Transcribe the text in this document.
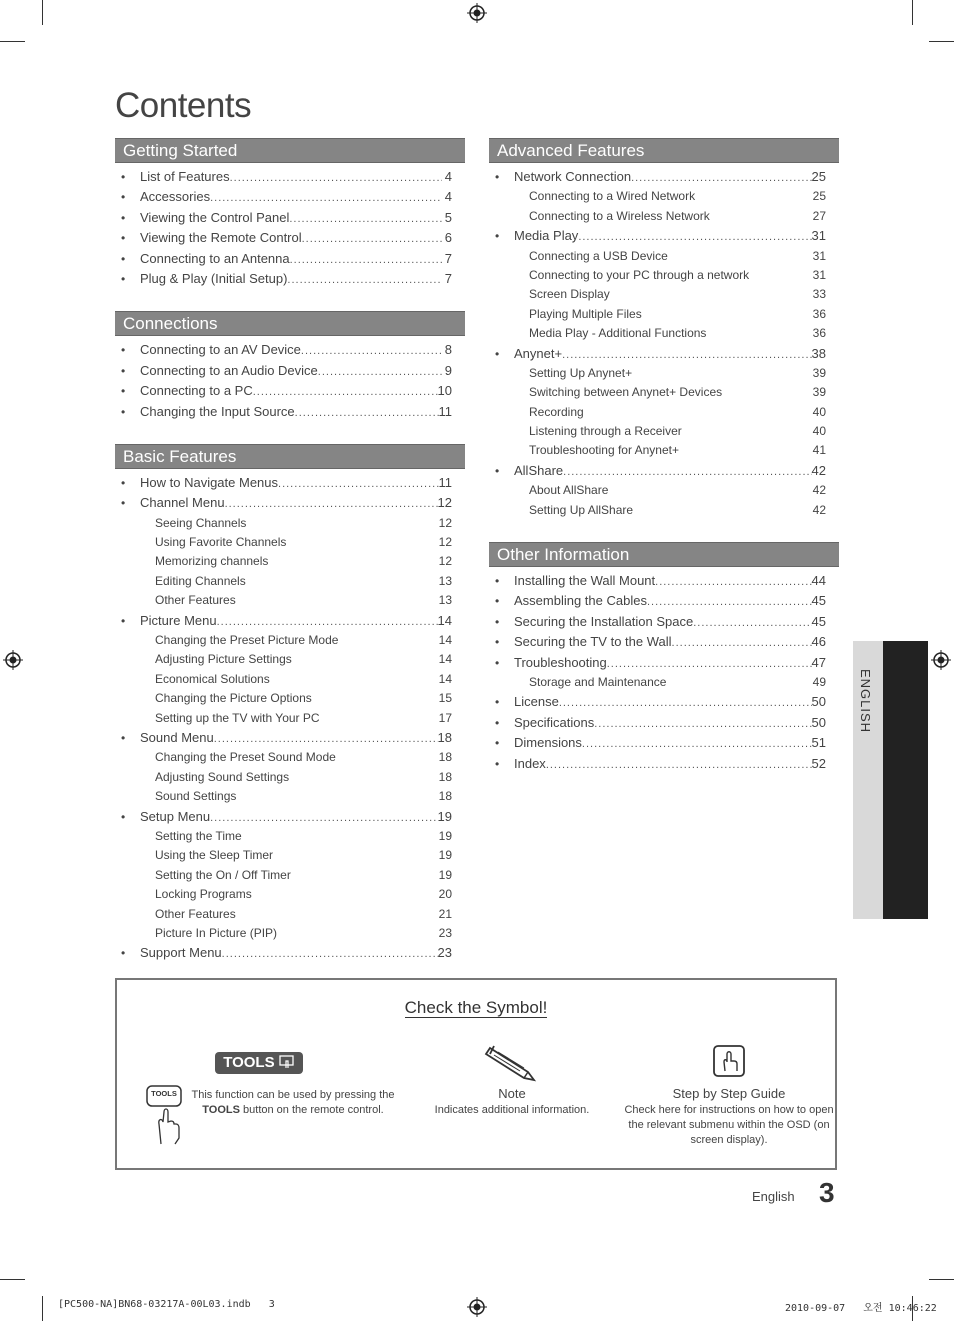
Contents
Getting Started
•	List of Features .....	4
•	Accessories .....	4
•	Viewing the Control Panel .....	5
•	Viewing the Remote Control .....	6
•	Connecting to an Antenna .....	7
•	Plug & Play (Initial Setup) .....	7
Connections
•	Connecting to an AV Device .....	8
•	Connecting to an Audio Device .....	9
•	Connecting to a PC .....	10
•	Changing the Input Source .....	11
Basic Features
•	How to Navigate Menus .....	11
•	Channel Menu .....	12
Seeing Channels	12
Using Favorite Channels	12
Memorizing channels	12
Editing Channels	13
Other Features	13
•	Picture Menu .....	14
Changing the Preset Picture Mode	14
Adjusting Picture Settings	14
Economical Solutions	14
Changing the Picture Options	15
Setting up the TV with Your PC	17
•	Sound Menu .....	18
Changing the Preset Sound Mode	18
Adjusting Sound Settings	18
Sound Settings	18
•	Setup Menu .....	19
Setting the Time	19
Using the Sleep Timer	19
Setting the On / Off Timer	19
Locking Programs	20
Other Features	21
Picture In Picture (PIP)	23
•	Support Menu .....	23
Advanced Features
•	Network Connection .....	25
Connecting to a Wired Network	25
Connecting to a Wireless Network	27
•	Media Play .....	31
Connecting a USB Device	31
Connecting to your PC through a network	31
Screen Display	33
Playing Multiple Files	36
Media Play - Additional Functions	36
•	Anynet+ .....	38
Setting Up Anynet+	39
Switching between Anynet+ Devices	39
Recording	40
Listening through a Receiver	40
Troubleshooting for Anynet+	41
•	AllShare .....	42
About AllShare	42
Setting Up AllShare	42
Other Information
•	Installing the Wall Mount .....	44
•	Assembling the Cables .....	45
•	Securing the Installation Space .....	45
•	Securing the TV to the Wall .....	46
•	Troubleshooting .....	47
Storage and Maintenance	49
•	License .....	50
•	Specifications .....	50
•	Dimensions .....	51
•	Index .....	52
ENGLISH
Check the Symbol!
TOOLS
TOOLS This function can be used by pressing the
TOOLS button on the remote control.
Note
Indicates additional information.
Step by Step Guide
Check here for instructions on how to open the relevant submenu within the OSD (on screen display).
English 3
[PC500-NA]BN68-03217A-00L03.indb   3	2010-09-07   오전 10:46:22
